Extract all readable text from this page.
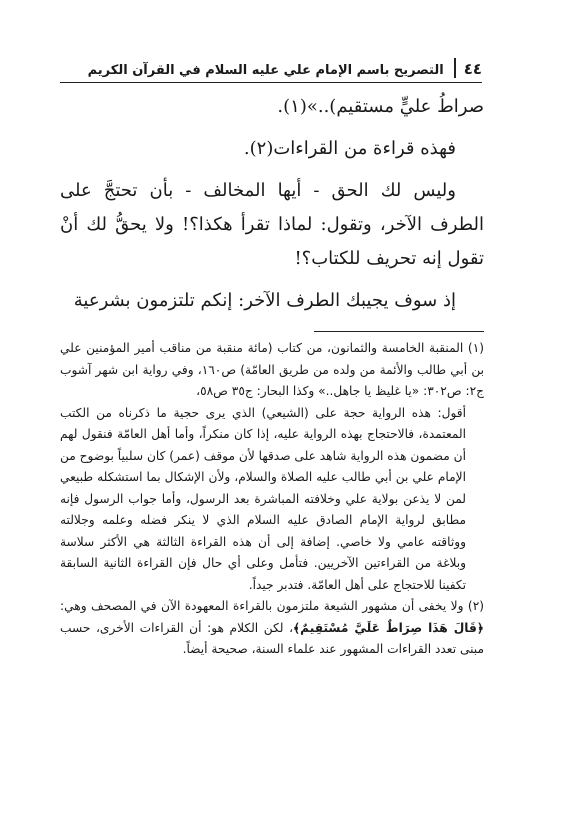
٤٤
التصريح باسم الإمام علي عليه السلام في القرآن الكريم

صراطُ عليٍّ مستقيم)..»(١).

فهذه قراءة من القراءات(٢).

وليس لك الحق - أيها المخالف - بأن تحتجَّ على الطرف الآخر، وتقول: لماذا تقرأ هكذا؟! ولا يحقُّ لك أنْ تقول إنه تحريف للكتاب؟!

إذ سوف يجيبك الطرف الآخر: إنكم تلتزمون بشرعية

(١) المنقبة الخامسة والثمانون، من كتاب (مائة منقبة من مناقب أمير المؤمنين علي بن أبي طالب والأئمة من ولده من طريق العامّة) ص١٦٠، وفي رواية ابن شهر آشوب ج٢: ص٣٠٢: «يا غليظ يا جاهل..» وكذا البحار: ج٣٥ ص٥٨،

أقول: هذه الرواية حجة على (الشيعي) الذي يرى حجية ما ذكرناه من الكتب المعتمدة، فالاحتجاج بهذه الرواية عليه، إذا كان منكراً، وأما أهل العامّة فنقول لهم أن مضمون هذه الرواية شاهد على صدقها لأن موقف (عمر) كان سلبياً بوضوح من الإمام علي بن أبي طالب عليه الصلاة والسلام، ولأن الإشكال بما استشكله طبيعي لمن لا يذعن بولاية علي وخلافته المباشرة بعد الرسول، وأما جواب الرسول فإنه مطابق لرواية الإمام الصادق عليه السلام الذي لا ينكر فضله وعلمه وجلالته ووثاقته عامي ولا خاصي. إضافة إلى أن هذه القراءة الثالثة هي الأكثر سلاسة وبلاغة من القراءتين الآخريين. فتأمل وعلى أي حال فإن القراءة الثانية السابقة تكفينا للاحتجاج على أهل العامّة. فتدبر جيداً.

(٢) ولا يخفى أن مشهور الشيعة ملتزمون بالقراءة المعهودة الآن في المصحف وهي: ﴿قَالَ هَذَا صِرَاطٌ عَلَيَّ مُسْتَقِيمٌ﴾، لكن الكلام هو: أن القراءات الأخرى، حسب مبنى تعدد القراءات المشهور عند علماء السنة، صحيحة أيضاً.
